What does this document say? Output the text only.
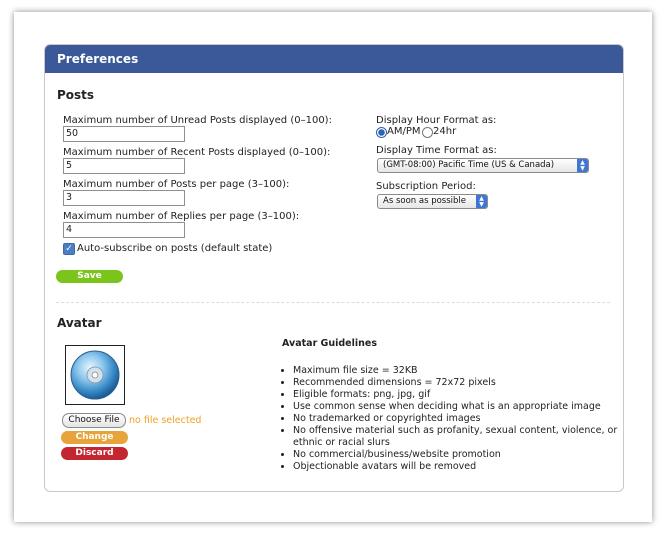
Preferences
Posts
Maximum number of Unread Posts displayed (0–100):
50
Maximum number of Recent Posts displayed (0–100):
5
Maximum number of Posts per page (3–100):
3
Maximum number of Replies per page (3–100):
4
✓ Auto-subscribe on posts (default state)
Save
Display Hour Format as:
AM/PM 24hr
Display Time Format as:
(GMT-08:00) Pacific Time (US & Canada)	▲
▼
Subscription Period:
As soon as possible	▲
▼
Avatar
Choose File no file selected
Change
Discard
Avatar Guidelines
• Maximum file size = 32KB
• Recommended dimensions = 72x72 pixels
• Eligible formats: png, jpg, gif
• Use common sense when deciding what is an appropriate image
• No trademarked or copyrighted images
• No offensive material such as profanity, sexual content, violence, or ethnic or racial slurs
• No commercial/business/website promotion
• Objectionable avatars will be removed
